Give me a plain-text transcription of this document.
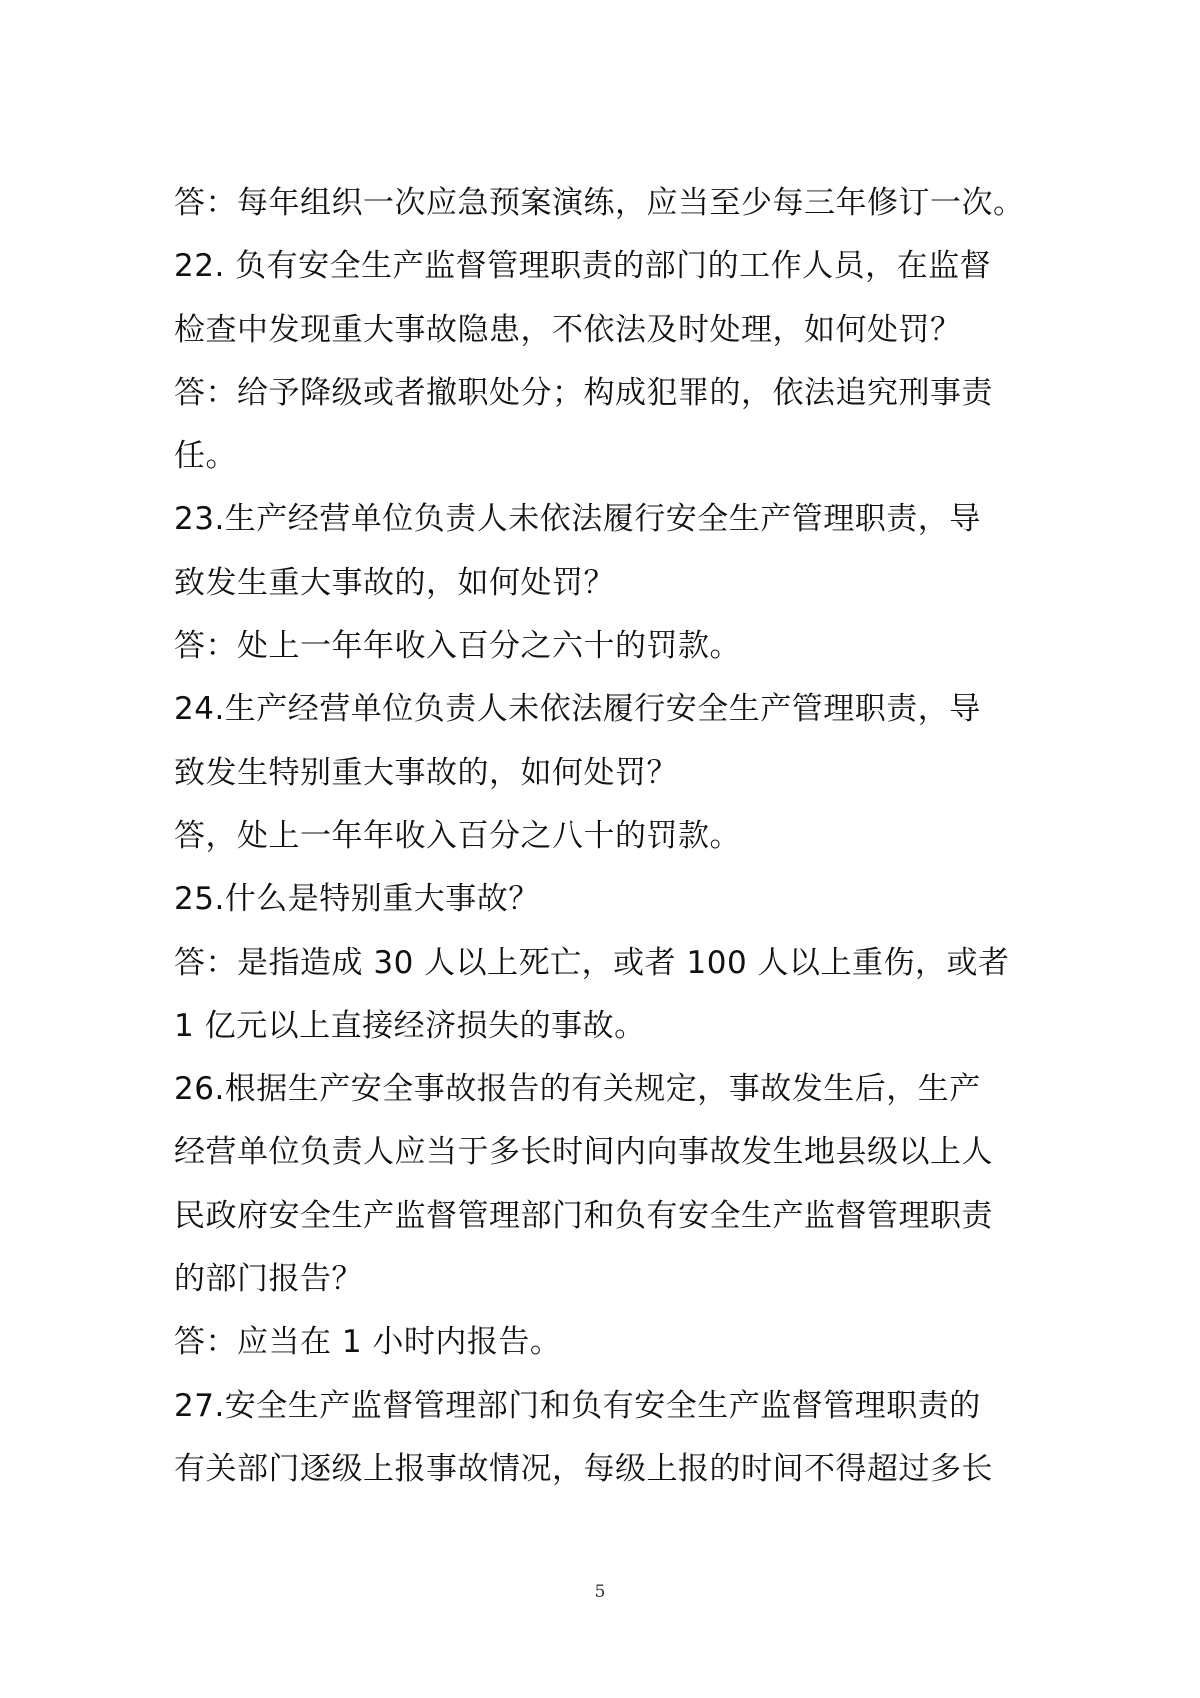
答：每年组织一次应急预案演练，应当至少每三年修订一次。
22. 负有安全生产监督管理职责的部门的工作人员，在监督
检查中发现重大事故隐患，不依法及时处理，如何处罚？
答：给予降级或者撤职处分；构成犯罪的，依法追究刑事责
任。
23.生产经营单位负责人未依法履行安全生产管理职责，导
致发生重大事故的，如何处罚？
答：处上一年年收入百分之六十的罚款。
24.生产经营单位负责人未依法履行安全生产管理职责，导
致发生特别重大事故的，如何处罚？
答，处上一年年收入百分之八十的罚款。
25.什么是特别重大事故？
答：是指造成 30 人以上死亡，或者 100 人以上重伤，或者
1 亿元以上直接经济损失的事故。
26.根据生产安全事故报告的有关规定，事故发生后，生产
经营单位负责人应当于多长时间内向事故发生地县级以上人
民政府安全生产监督管理部门和负有安全生产监督管理职责
的部门报告？
答：应当在 1 小时内报告。
27.安全生产监督管理部门和负有安全生产监督管理职责的
有关部门逐级上报事故情况，每级上报的时间不得超过多长
5
